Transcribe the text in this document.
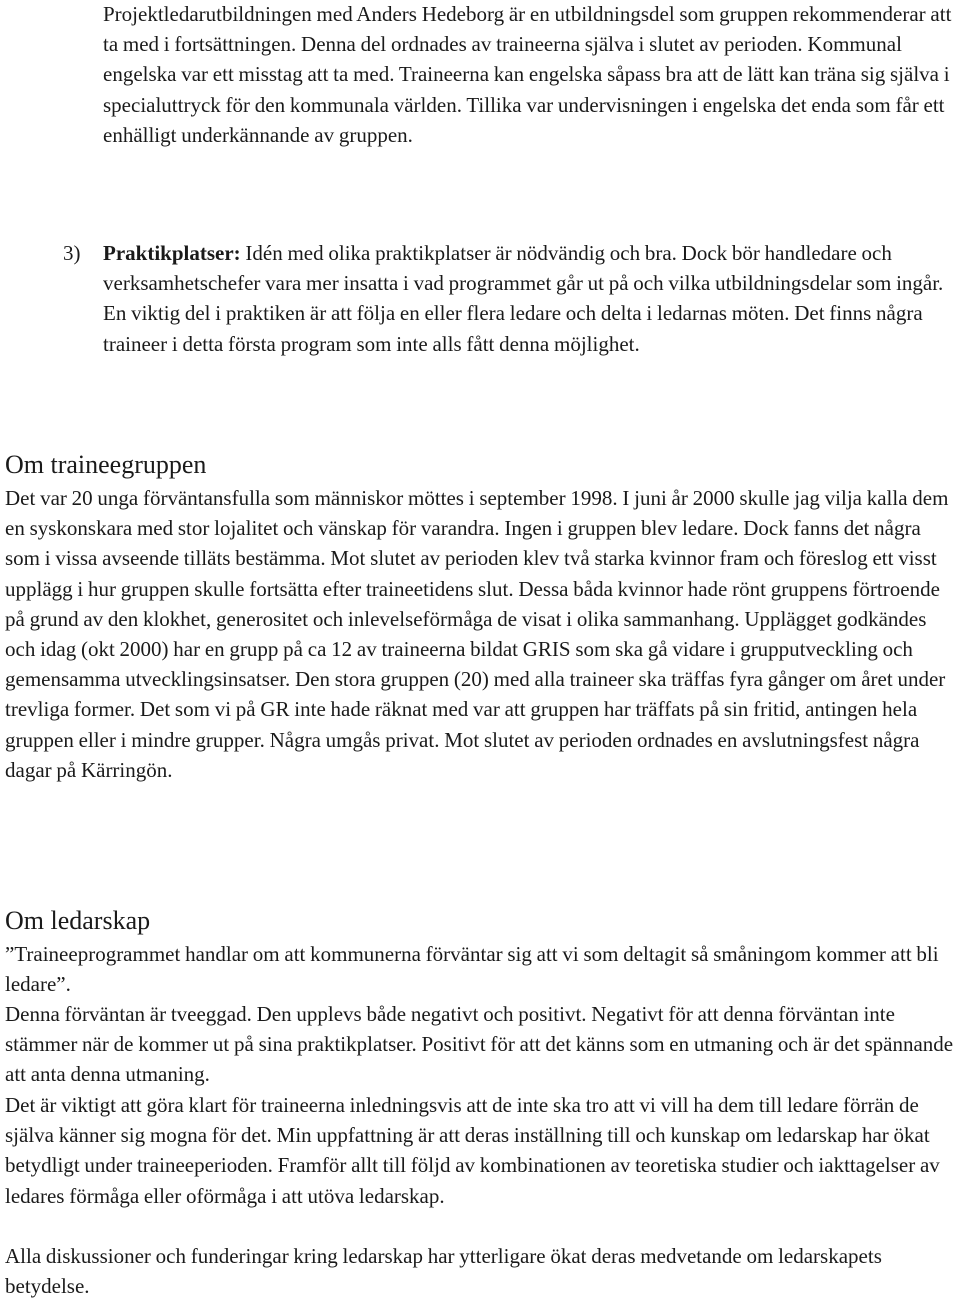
Projektledarutbildningen med Anders Hedeborg är en utbildningsdel som gruppen rekommenderar att ta med i fortsättningen. Denna del ordnades av traineerna själva i slutet av perioden. Kommunal engelska var ett misstag att ta med. Traineerna kan engelska såpass bra att de lätt kan träna sig själva i specialuttryck för den kommunala världen. Tillika var undervisningen i engelska det enda som får ett enhälligt underkännande av gruppen.

3) Praktikplatser: Idén med olika praktikplatser är nödvändig och bra. Dock bör handledare och verksamhetschefer vara mer insatta i vad programmet går ut på och vilka utbildningsdelar som ingår. En viktig del i praktiken är att följa en eller flera ledare och delta i ledarnas möten. Det finns några traineer i detta första program som inte alls fått denna möjlighet.

Om traineegruppen

Det var 20 unga förväntansfulla som människor möttes i september 1998. I juni år 2000 skulle jag vilja kalla dem en syskonskara med stor lojalitet och vänskap för varandra. Ingen i gruppen blev ledare. Dock fanns det några som i vissa avseende tilläts bestämma. Mot slutet av perioden klev två starka kvinnor fram och föreslog ett visst upplägg i hur gruppen skulle fortsätta efter traineetidens slut. Dessa båda kvinnor hade rönt gruppens förtroende på grund av den klokhet, generositet och inlevelseförmåga de visat i olika sammanhang. Upplägget godkändes och idag (okt 2000) har en grupp på ca 12 av traineerna bildat GRIS som ska gå vidare i grupputveckling och gemensamma utvecklingsinsatser. Den stora gruppen (20) med alla traineer ska träffas fyra gånger om året under trevliga former. Det som vi på GR inte hade räknat med var att gruppen har träffats på sin fritid, antingen hela gruppen eller i mindre grupper. Några umgås privat. Mot slutet av perioden ordnades en avslutningsfest några dagar på Kärringön.

Om ledarskap

”Traineeprogrammet handlar om att kommunerna förväntar sig att vi som deltagit så småningom kommer att bli ledare”.

Denna förväntan är tveeggad. Den upplevs både negativt och positivt. Negativt för att denna förväntan inte stämmer när de kommer ut på sina praktikplatser. Positivt för att det känns som en utmaning och är det spännande att anta denna utmaning.

Det är viktigt att göra klart för traineerna inledningsvis att de inte ska tro att vi vill ha dem till ledare förrän de själva känner sig mogna för det. Min uppfattning är att deras inställning till och kunskap om ledarskap har ökat betydligt under traineeperioden. Framför allt till följd av kombinationen av teoretiska studier och iakttagelser av ledares förmåga eller oförmåga i att utöva ledarskap.

Alla diskussioner och funderingar kring ledarskap har ytterligare ökat deras medvetande om ledarskapets betydelse.
